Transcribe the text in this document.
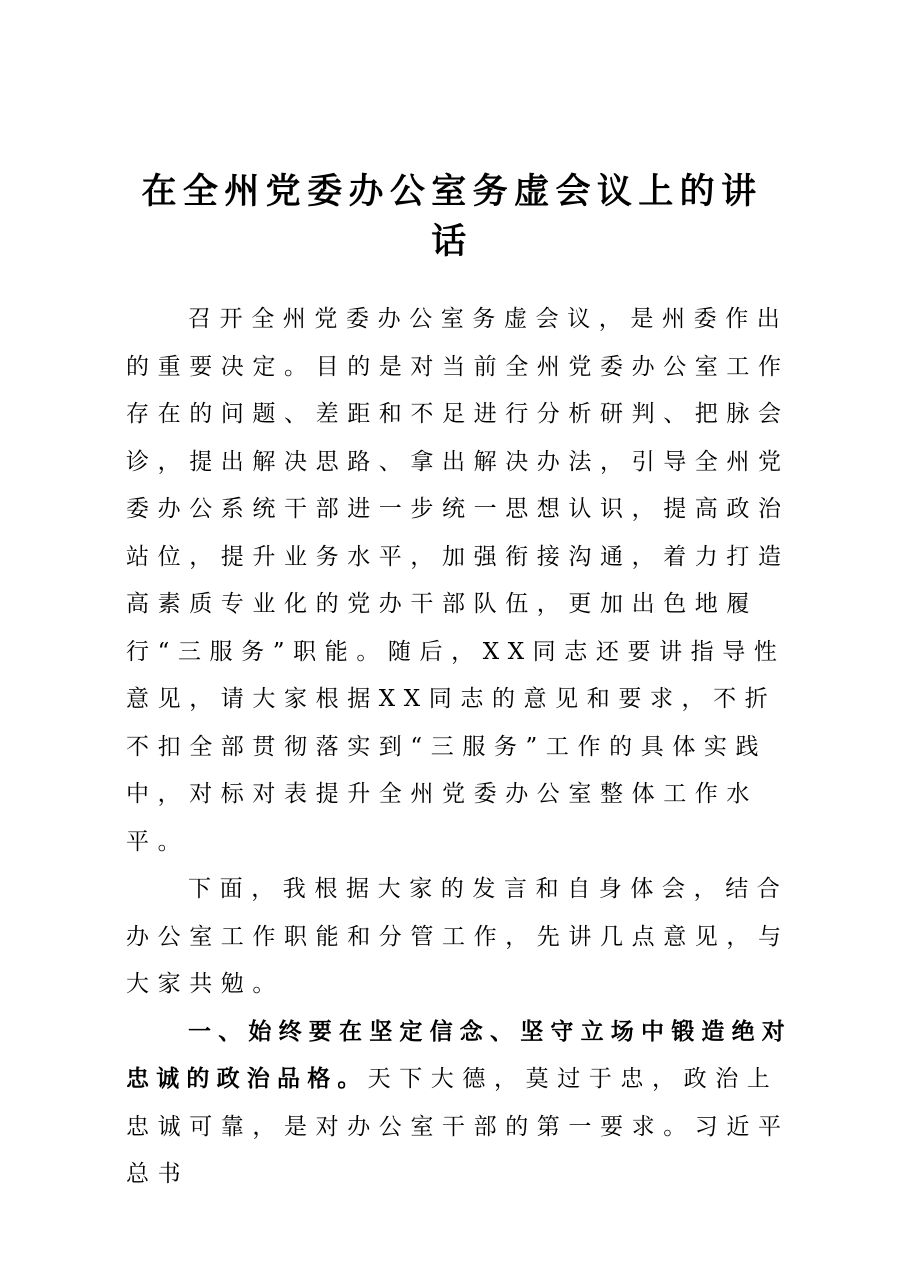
在全州党委办公室务虚会议上的讲话

召开全州党委办公室务虚会议，是州委作出的重要决定。目的是对当前全州党委办公室工作存在的问题、差距和不足进行分析研判、把脉会诊，提出解决思路、拿出解决办法，引导全州党委办公系统干部进一步统一思想认识，提高政治站位，提升业务水平，加强衔接沟通，着力打造高素质专业化的党办干部队伍，更加出色地履行“三服务”职能。随后，XX同志还要讲指导性意见，请大家根据XX同志的意见和要求，不折不扣全部贯彻落实到“三服务”工作的具体实践中，对标对表提升全州党委办公室整体工作水平。

下面，我根据大家的发言和自身体会，结合办公室工作职能和分管工作，先讲几点意见，与大家共勉。

一、始终要在坚定信念、坚守立场中锻造绝对忠诚的政治品格。天下大德，莫过于忠，政治上忠诚可靠，是对办公室干部的第一要求。习近平总书
